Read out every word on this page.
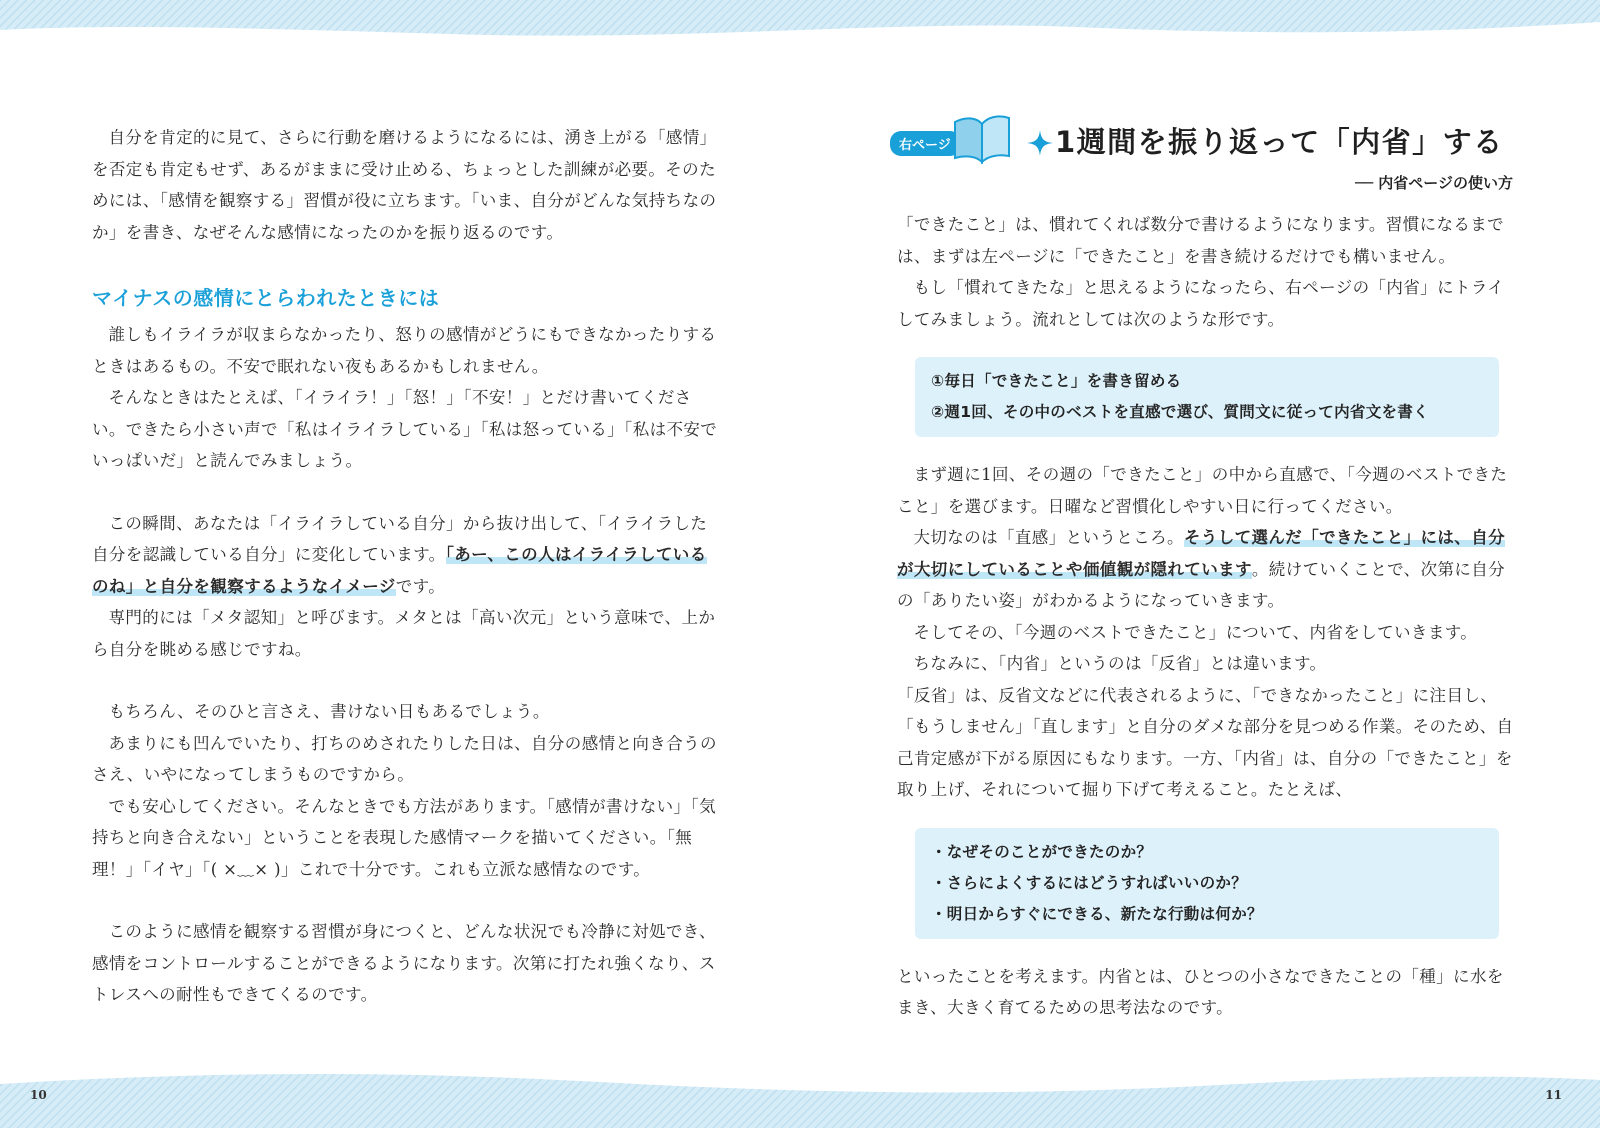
10	11

自分を肯定的に見て、さらに行動を磨けるようになるには、湧き上がる「感情」を否定も肯定もせず、あるがままに受け止める、ちょっとした訓練が必要。そのためには、「感情を観察する」習慣が役に立ちます。「いま、自分がどんな気持ちなのか」を書き、なぜそんな感情になったのかを振り返るのです。

マイナスの感情にとらわれたときには

誰しもイライラが収まらなかったり、怒りの感情がどうにもできなかったりするときはあるもの。不安で眠れない夜もあるかもしれません。

そんなときはたとえば、「イライラ！」「怒！」「不安！」とだけ書いてください。できたら小さい声で「私はイライラしている」「私は怒っている」「私は不安でいっぱいだ」と読んでみましょう。

この瞬間、あなたは「イライラしている自分」から抜け出して、「イライラした自分を認識している自分」に変化しています。「あー、この人はイライラしているのね」と自分を観察するようなイメージです。

専門的には「メタ認知」と呼びます。メタとは「高い次元」という意味で、上から自分を眺める感じですね。

もちろん、そのひと言さえ、書けない日もあるでしょう。

あまりにも凹んでいたり、打ちのめされたりした日は、自分の感情と向き合うのさえ、いやになってしまうものですから。

でも安心してください。そんなときでも方法があります。「感情が書けない」「気持ちと向き合えない」ということを表現した感情マークを描いてください。「無理！」「イヤ」「( ×﹏× )」これで十分です。これも立派な感情なのです。

このように感情を観察する習慣が身につくと、どんな状況でも冷静に対処でき、感情をコントロールすることができるようになります。次第に打たれ強くなり、ストレスへの耐性もできてくるのです。

右ページ	1週間を振り返って「内省」する
── 内省ページの使い方

「できたこと」は、慣れてくれば数分で書けるようになります。習慣になるまでは、まずは左ページに「できたこと」を書き続けるだけでも構いません。

もし「慣れてきたな」と思えるようになったら、右ページの「内省」にトライしてみましょう。流れとしては次のような形です。

①毎日「できたこと」を書き留める

②週1回、その中のベストを直感で選び、質問文に従って内省文を書く

まず週に1回、その週の「できたこと」の中から直感で、「今週のベストできたこと」を選びます。日曜など習慣化しやすい日に行ってください。

大切なのは「直感」というところ。そうして選んだ「できたこと」には、自分が大切にしていることや価値観が隠れています。続けていくことで、次第に自分の「ありたい姿」がわかるようになっていきます。

そしてその、「今週のベストできたこと」について、内省をしていきます。

ちなみに、「内省」というのは「反省」とは違います。

「反省」は、反省文などに代表されるように、「できなかったこと」に注目し、「もうしません」「直します」と自分のダメな部分を見つめる作業。そのため、自己肯定感が下がる原因にもなります。一方、「内省」は、自分の「できたこと」を取り上げ、それについて掘り下げて考えること。たとえば、

・なぜそのことができたのか？

・さらによくするにはどうすればいいのか？

・明日からすぐにできる、新たな行動は何か？

といったことを考えます。内省とは、ひとつの小さなできたことの「種」に水をまき、大きく育てるための思考法なのです。
